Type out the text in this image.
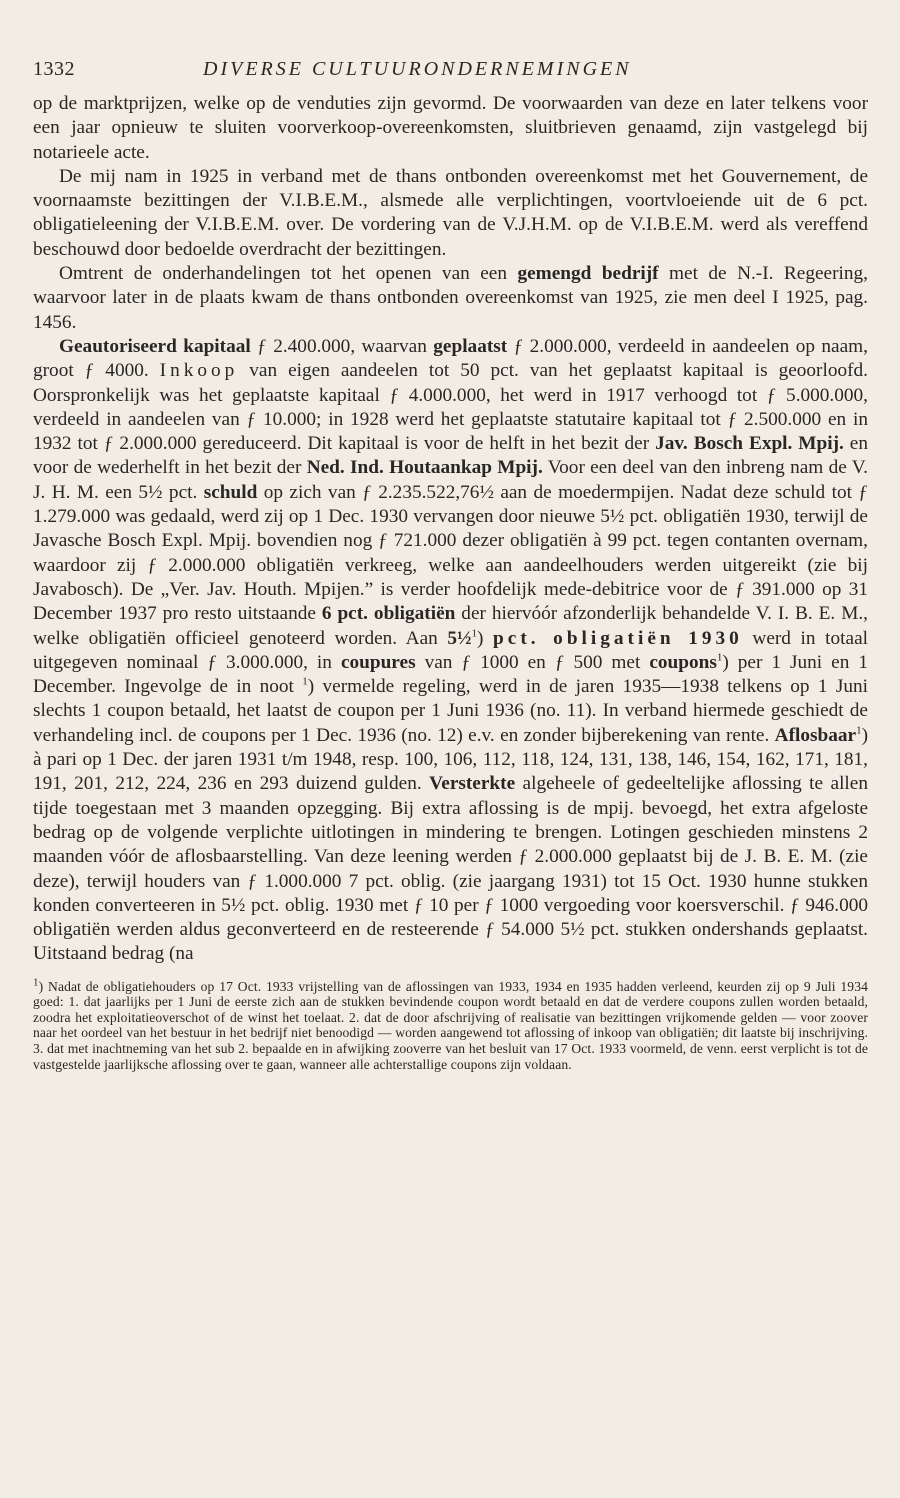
1332	DIVERSE CULTUURONDERNEMINGEN

op de marktprijzen, welke op de venduties zijn gevormd. De voorwaarden van deze en later telkens voor een jaar opnieuw te sluiten voorverkoop-overeenkomsten, sluitbrieven genaamd, zijn vastgelegd bij notarieele acte.

De mij nam in 1925 in verband met de thans ontbonden overeenkomst met het Gouvernement, de voornaamste bezittingen der V.I.B.E.M., alsmede alle verplichtingen, voortvloeiende uit de 6 pct. obligatieleening der V.I.B.E.M. over. De vordering van de V.J.H.M. op de V.I.B.E.M. werd als vereffend beschouwd door bedoelde overdracht der bezittingen.

Omtrent de onderhandelingen tot het openen van een gemengd bedrijf met de N.-I. Regeering, waarvoor later in de plaats kwam de thans ontbonden overeenkomst van 1925, zie men deel I 1925, pag. 1456.

Geautoriseerd kapitaal ƒ 2.400.000, waarvan geplaatst ƒ 2.000.000, verdeeld in aandeelen op naam, groot ƒ 4000. Inkoop van eigen aandeelen tot 50 pct. van het geplaatst kapitaal is geoorloofd. Oorspronkelijk was het geplaatste kapitaal ƒ 4.000.000, het werd in 1917 verhoogd tot ƒ 5.000.000, verdeeld in aandeelen van ƒ 10.000; in 1928 werd het geplaatste statutaire kapitaal tot ƒ 2.500.000 en in 1932 tot ƒ 2.000.000 gereduceerd. Dit kapitaal is voor de helft in het bezit der Jav. Bosch Expl. Mpij. en voor de wederhelft in het bezit der Ned. Ind. Houtaankap Mpij. Voor een deel van den inbreng nam de V. J. H. M. een 5½ pct. schuld op zich van ƒ 2.235.522,76½ aan de moedermpijen. Nadat deze schuld tot ƒ 1.279.000 was gedaald, werd zij op 1 Dec. 1930 vervangen door nieuwe 5½ pct. obligatiën 1930, terwijl de Javasche Bosch Expl. Mpij. bovendien nog ƒ 721.000 dezer obligatiën à 99 pct. tegen contanten overnam, waardoor zij ƒ 2.000.000 obligatiën verkreeg, welke aan aandeelhouders werden uitgereikt (zie bij Javabosch). De „Ver. Jav. Houth. Mpijen.” is verder hoofdelijk mede-debitrice voor de ƒ 391.000 op 31 December 1937 pro resto uitstaande 6 pct. obligatiën der hiervóór afzonderlijk behandelde V. I. B. E. M., welke obligatiën officieel genoteerd worden. Aan 5½$^1$) pct. obligatiën 1930 werd in totaal uitgegeven nominaal ƒ 3.000.000, in coupures van ƒ 1000 en ƒ 500 met coupons$^1$) per 1 Juni en 1 December. Ingevolge de in noot $^1$) vermelde regeling, werd in de jaren 1935—1938 telkens op 1 Juni slechts 1 coupon betaald, het laatst de coupon per 1 Juni 1936 (no. 11). In verband hiermede geschiedt de verhandeling incl. de coupons per 1 Dec. 1936 (no. 12) e.v. en zonder bijberekening van rente. Aflosbaar$^1$) à pari op 1 Dec. der jaren 1931 t/m 1948, resp. 100, 106, 112, 118, 124, 131, 138, 146, 154, 162, 171, 181, 191, 201, 212, 224, 236 en 293 duizend gulden. Versterkte algeheele of gedeeltelijke aflossing te allen tijde toegestaan met 3 maanden opzegging. Bij extra aflossing is de mpij. bevoegd, het extra afgeloste bedrag op de volgende verplichte uitlotingen in mindering te brengen. Lotingen geschieden minstens 2 maanden vóór de aflosbaarstelling. Van deze leening werden ƒ 2.000.000 geplaatst bij de J. B. E. M. (zie deze), terwijl houders van ƒ 1.000.000 7 pct. oblig. (zie jaargang 1931) tot 15 Oct. 1930 hunne stukken konden converteeren in 5½ pct. oblig. 1930 met ƒ 10 per ƒ 1000 vergoeding voor koersverschil. ƒ 946.000 obligatiën werden aldus geconverteerd en de resteerende ƒ 54.000 5½ pct. stukken ondershands geplaatst. Uitstaand bedrag (na

$^1$) Nadat de obligatiehouders op 17 Oct. 1933 vrijstelling van de aflossingen van 1933, 1934 en 1935 hadden verleend, keurden zij op 9 Juli 1934 goed: 1. dat jaarlijks per 1 Juni de eerste zich aan de stukken bevindende coupon wordt betaald en dat de verdere coupons zullen worden betaald, zoodra het exploitatieoverschot of de winst het toelaat. 2. dat de door afschrijving of realisatie van bezittingen vrijkomende gelden — voor zoover naar het oordeel van het bestuur in het bedrijf niet benoodigd — worden aangewend tot aflossing of inkoop van obligatiën; dit laatste bij inschrijving. 3. dat met inachtneming van het sub 2. bepaalde en in afwijking zooverre van het besluit van 17 Oct. 1933 voormeld, de venn. eerst verplicht is tot de vastgestelde jaarlijksche aflossing over te gaan, wanneer alle achterstallige coupons zijn voldaan.
